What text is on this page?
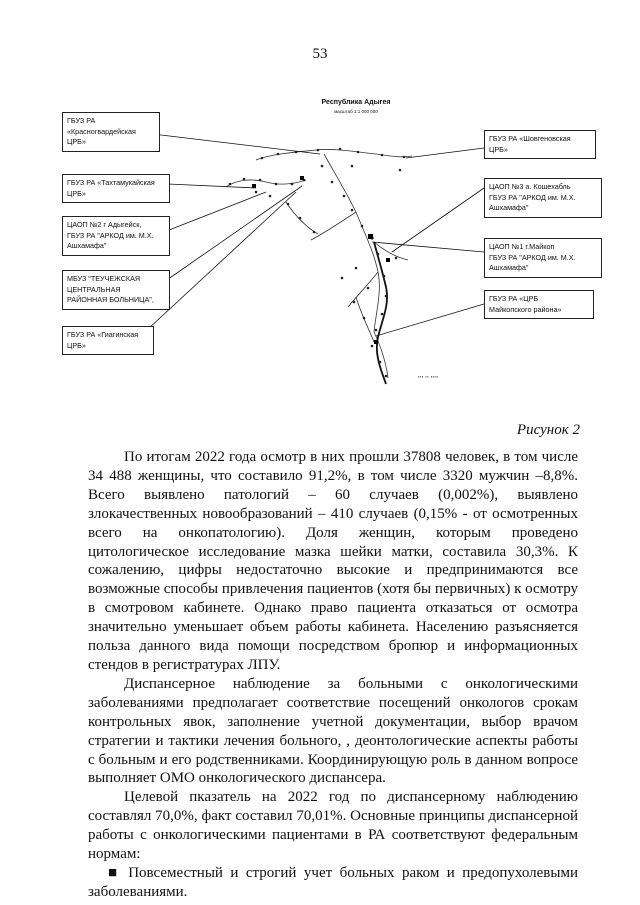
53
Республика Адыгея
масштаб 1:1 000 000
ГБУЗ РА
«Красногвардейская
ЦРБ»
ГБУЗ РА «Тахтамукайская
ЦРБ»
ЦАОП №2 г Адыгейск,
ГБУЗ РА "АРКОД им. М.Х.
Ашхамафа"
МБУЗ "ТЕУЧЕЖСКАЯ
ЦЕНТРАЛЬНАЯ
РАЙОННАЯ БОЛЬНИЦА",
ГБУЗ РА «Гиагинская
ЦРБ»
ГБУЗ РА «Шовгеновская
ЦРБ»
ЦАОП №3 а. Кошехабль
ГБУЗ РА "АРКОД им. М.Х.
Ашхамафа"
ЦАОП №1 г.Майкоп
ГБУЗ РА "АРКОД им. М.Х.
Ашхамафа"
ГБУЗ РА «ЦРБ
Майкопского района»
▪▪▪ ▪▪ ▪▪▪▪
Рисунок 2

По итогам 2022 года осмотр в них прошли 37808 человек, в том числе 34 488 женщины, что составило 91,2%, в том числе 3320 мужчин –8,8%. Всего выявлено патологий – 60 случаев (0,002%), выявлено злокачественных новообразований – 410 случаев (0,15% - от осмотренных всего на онкопатологию). Доля женщин, которым проведено цитологическое исследование мазка шейки матки, составила 30,3%. К сожалению, цифры недостаточно высокие и предпринимаются все возможные способы привлечения пациентов (хотя бы первичных) к осмотру в смотровом кабинете. Однако право пациента отказаться от осмотра значительно уменьшает объем работы кабинета. Населению разъясняется польза данного вида помощи посредством бропюр и информационных стендов в регистратурах ЛПУ.

Диспансерное наблюдение за больными с онкологическими заболеваниями предполагает соответствие посещений онкологов срокам контрольных явок, заполнение учетной документации, выбор врачом стратегии и тактики лечения больного, , деонтологические аспекты работы с больным и его родственниками. Координирующую роль в данном вопросе выполняет ОМО онкологического диспансера.

Целевой пказатель на 2022 год по диспансерному наблюдению составлял 70,0%, факт составил 70,01%. Основные принципы диспансерной работы с онкологическими пациентами в РА соответствуют федеральным нормам:

■ Повсеместный и строгий учет больных раком и предопухолевыми заболеваниями.
